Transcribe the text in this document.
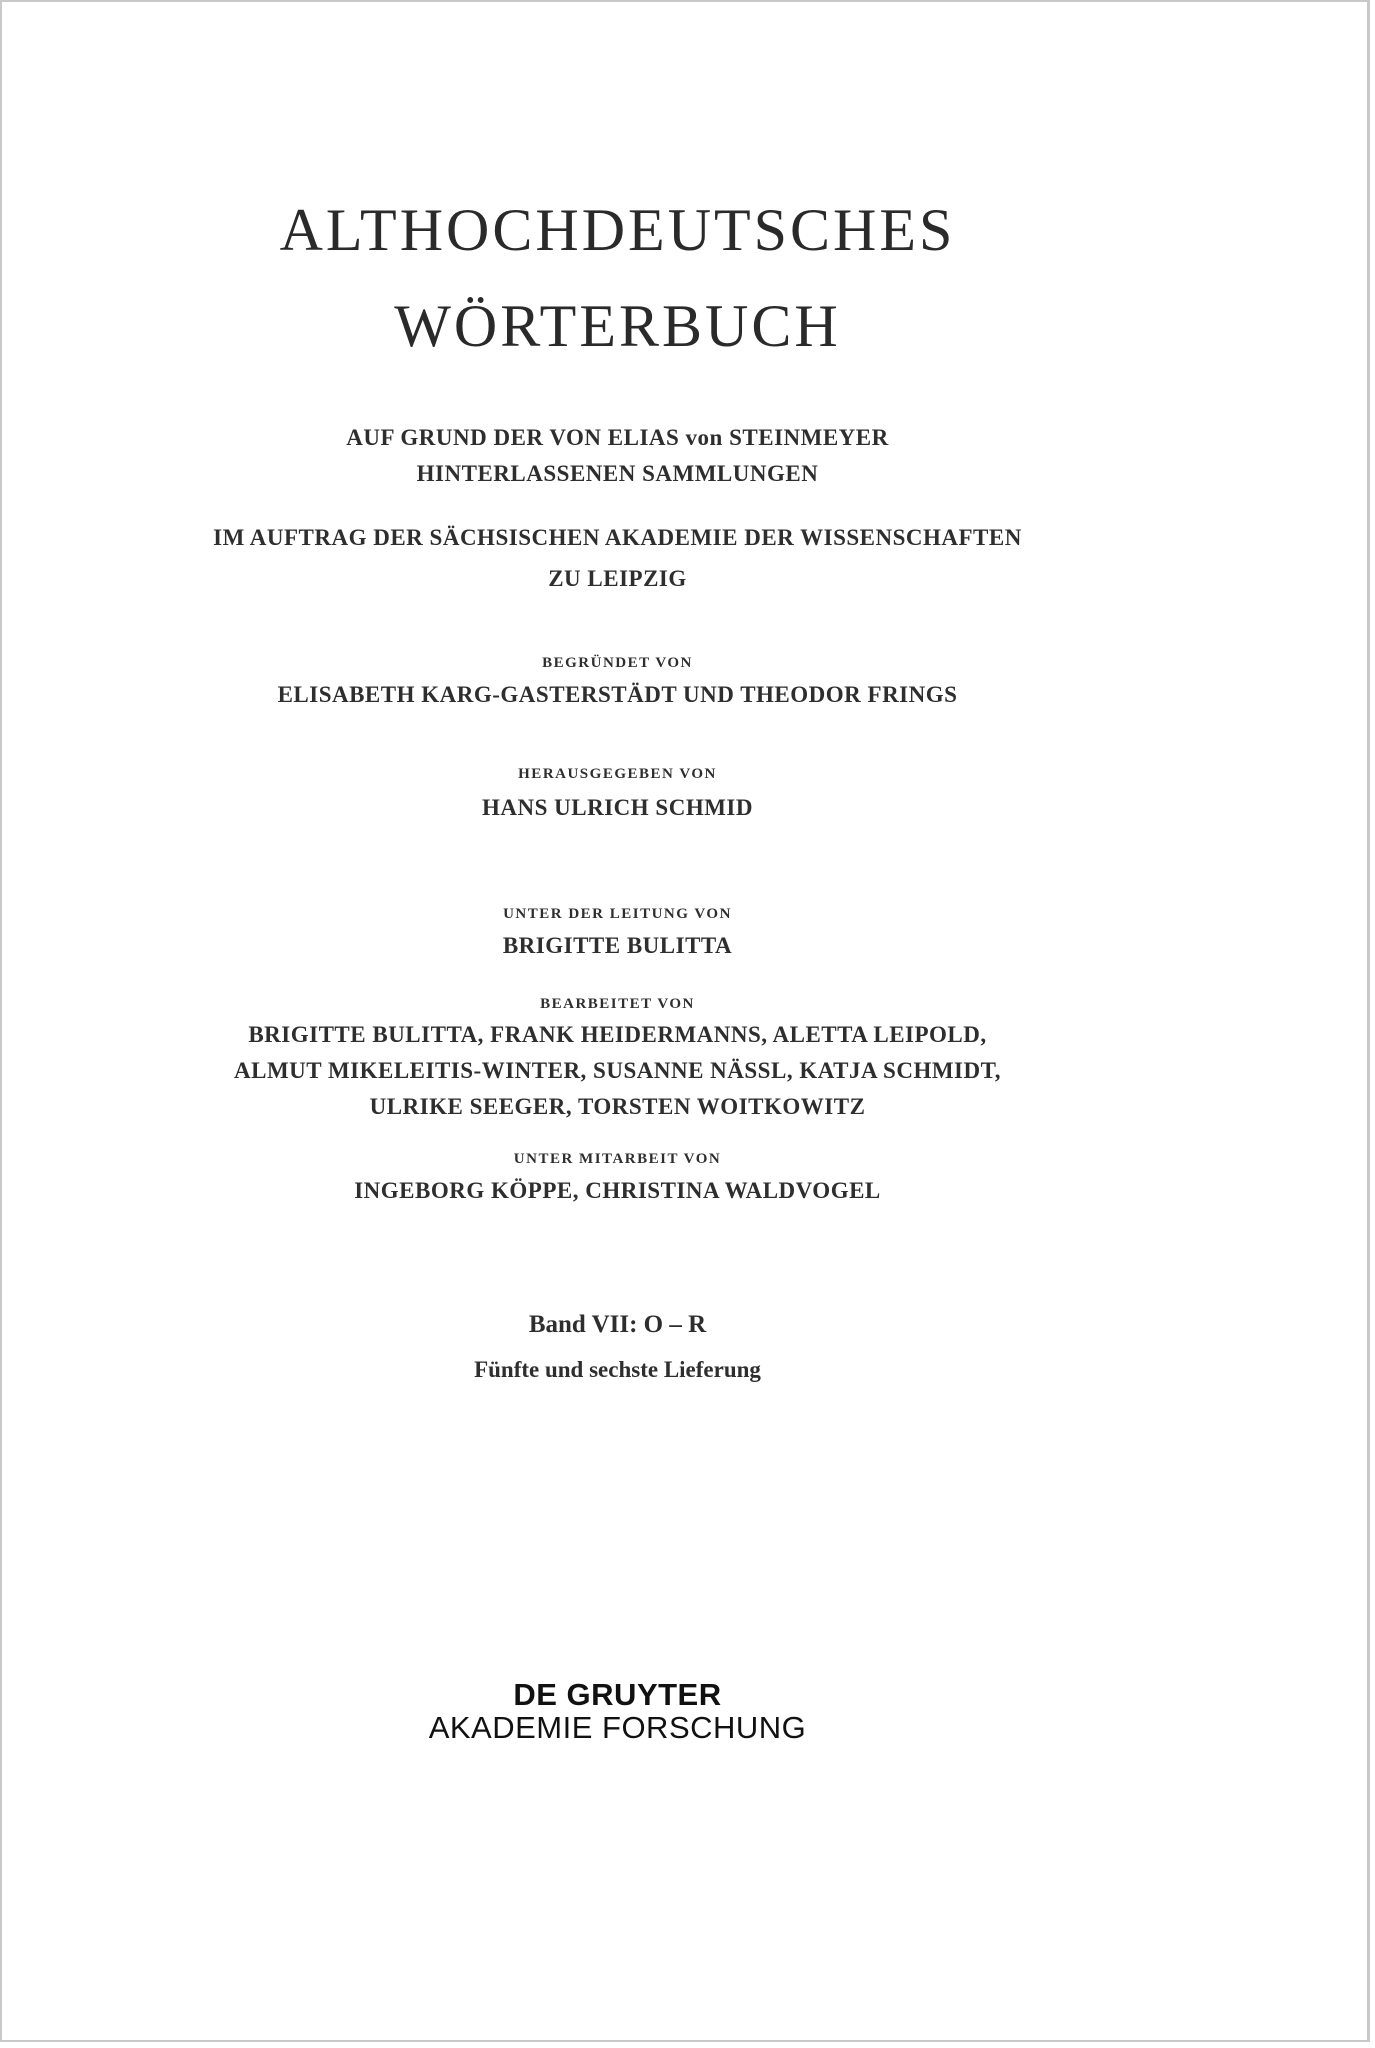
ALTHOCHDEUTSCHES
WÖRTERBUCH

AUF GRUND DER VON ELIAS von STEINMEYER

HINTERLASSENEN SAMMLUNGEN

IM AUFTRAG DER SÄCHSISCHEN AKADEMIE DER WISSENSCHAFTEN

ZU LEIPZIG

BEGRÜNDET VON

ELISABETH KARG-GASTERSTÄDT UND THEODOR FRINGS

HERAUSGEGEBEN VON

HANS ULRICH SCHMID

UNTER DER LEITUNG VON

BRIGITTE BULITTA

BEARBEITET VON

BRIGITTE BULITTA, FRANK HEIDERMANNS, ALETTA LEIPOLD,

ALMUT MIKELEITIS-WINTER, SUSANNE NÄSSL, KATJA SCHMIDT,

ULRIKE SEEGER, TORSTEN WOITKOWITZ

UNTER MITARBEIT VON

INGEBORG KÖPPE, CHRISTINA WALDVOGEL

Band VII: O – R

Fünfte und sechste Lieferung

DE GRUYTER
AKADEMIE FORSCHUNG
